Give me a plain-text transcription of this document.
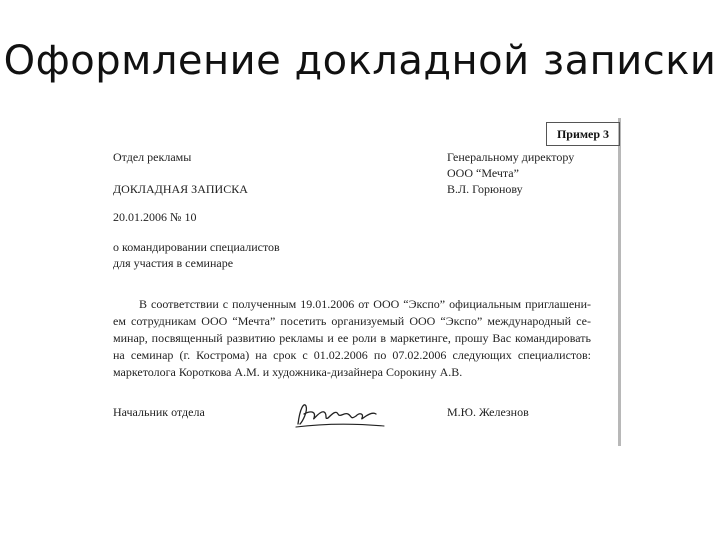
Оформление докладной записки
Пример 3
Отдел рекламы	Генеральному директору
ООО “Мечта”
В.Л. Горюнову
ДОКЛАДНАЯ ЗАПИСКА
20.01.2006 № 10
о командировании специалистов
для участия в семинаре
В соответствии с полученным 19.01.2006 от ООО “Экспо” официальным приглашени-ем сотрудникам ООО “Мечта” посетить организуемый ООО “Экспо” международный се-минар, посвященный развитию рекламы и ее роли в маркетинге, прошу Вас командировать на семинар (г. Кострома) на срок с 01.02.2006 по 07.02.2006 следующих специалистов: маркетолога Короткова А.М. и художника-дизайнера Сорокину А.В.
Начальник отдела	М.Ю. Железнов
